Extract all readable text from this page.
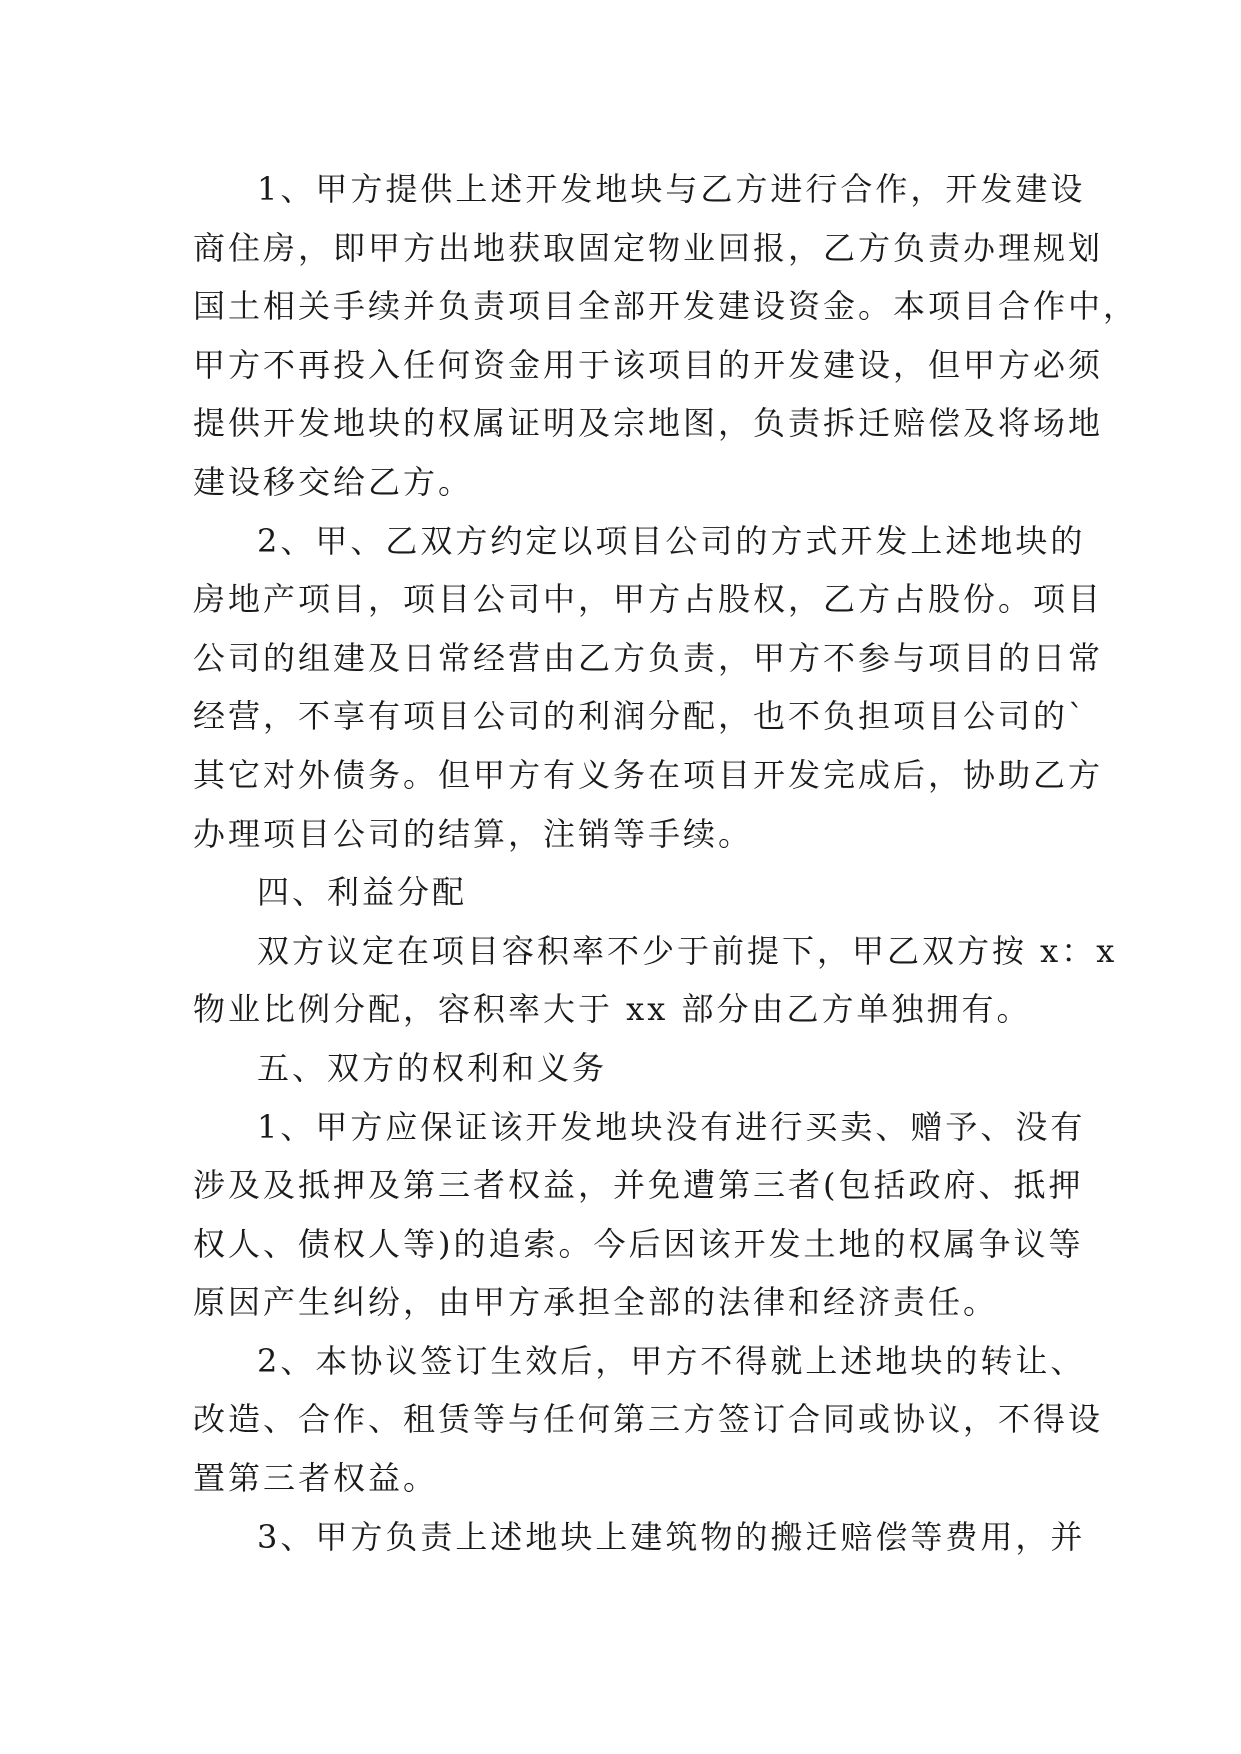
1、甲方提供上述开发地块与乙方进行合作，开发建设
商住房，即甲方出地获取固定物业回报，乙方负责办理规划
国土相关手续并负责项目全部开发建设资金。本项目合作中，
甲方不再投入任何资金用于该项目的开发建设，但甲方必须
提供开发地块的权属证明及宗地图，负责拆迁赔偿及将场地
建设移交给乙方。
2、甲、乙双方约定以项目公司的方式开发上述地块的
房地产项目，项目公司中，甲方占股权，乙方占股份。项目
公司的组建及日常经营由乙方负责，甲方不参与项目的日常
经营，不享有项目公司的利润分配，也不负担项目公司的`
其它对外债务。但甲方有义务在项目开发完成后，协助乙方
办理项目公司的结算，注销等手续。
四、利益分配
双方议定在项目容积率不少于前提下，甲乙双方按 x：x
物业比例分配，容积率大于 xx 部分由乙方单独拥有。
五、双方的权利和义务
1、甲方应保证该开发地块没有进行买卖、赠予、没有
涉及及抵押及第三者权益，并免遭第三者(包括政府、抵押
权人、债权人等)的追索。今后因该开发土地的权属争议等
原因产生纠纷，由甲方承担全部的法律和经济责任。
2、本协议签订生效后，甲方不得就上述地块的转让、
改造、合作、租赁等与任何第三方签订合同或协议，不得设
置第三者权益。
3、甲方负责上述地块上建筑物的搬迁赔偿等费用，并
